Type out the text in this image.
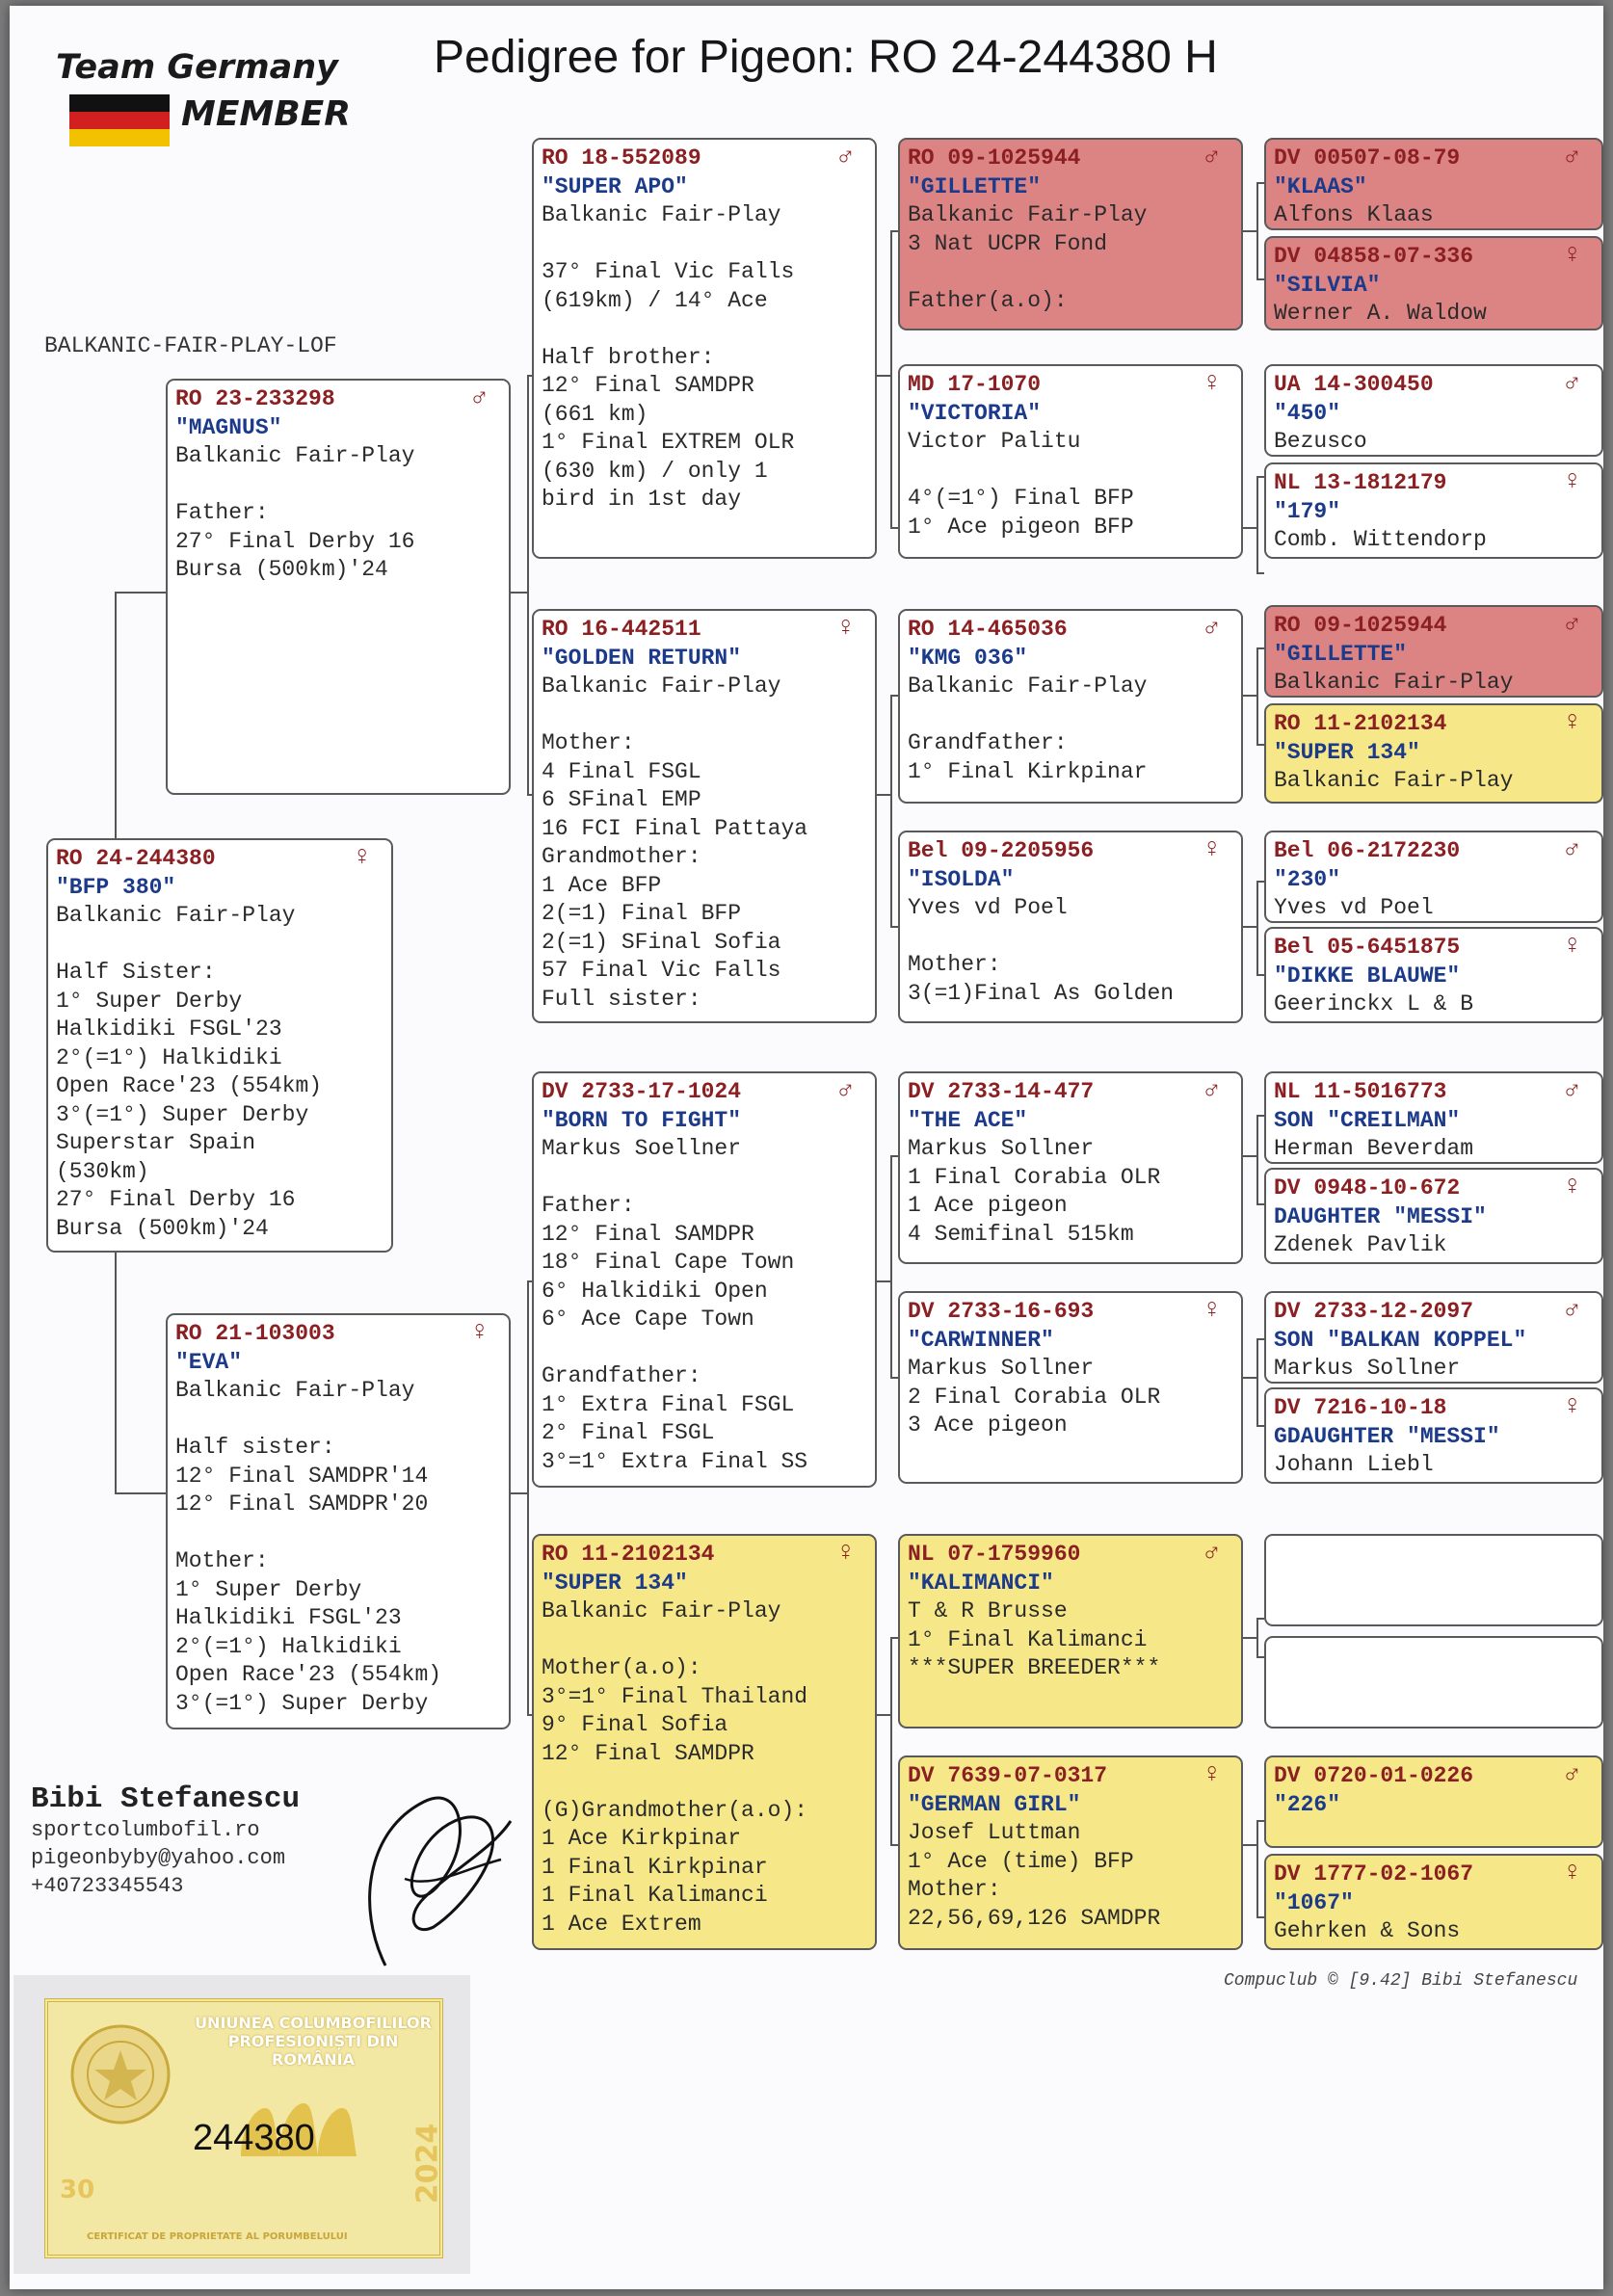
Team Germany
MEMBER
Pedigree for Pigeon: RO 24-244380 H
BALKANIC-FAIR-PLAY-LOF
RO 24-244380	♀
"BFP 380"
Balkanic Fair-Play
Half Sister:
1° Super Derby
Halkidiki FSGL'23
2°(=1°) Halkidiki
Open Race'23 (554km)
3°(=1°) Super Derby
Superstar Spain
(530km)
27° Final Derby 16
Bursa (500km)'24
RO 23-233298	♂
"MAGNUS"
Balkanic Fair-Play
Father:
27° Final Derby 16
Bursa (500km)'24
RO 21-103003	♀
"EVA"
Balkanic Fair-Play
Half sister:
12° Final SAMDPR'14
12° Final SAMDPR'20
Mother:
1° Super Derby
Halkidiki FSGL'23
2°(=1°) Halkidiki
Open Race'23 (554km)
3°(=1°) Super Derby
RO 18-552089	♂
"SUPER APO"
Balkanic Fair-Play
37° Final Vic Falls
(619km) / 14° Ace
Half brother:
12° Final SAMDPR
(661 km)
1° Final EXTREM OLR
(630 km) / only 1
bird in 1st day
RO 16-442511	♀
"GOLDEN RETURN"
Balkanic Fair-Play
Mother:
4 Final FSGL
6 SFinal EMP
16 FCI Final Pattaya
Grandmother:
1 Ace BFP
2(=1) Final BFP
2(=1) SFinal Sofia
57 Final Vic Falls
Full sister:
DV 2733-17-1024	♂
"BORN TO FIGHT"
Markus Soellner
Father:
12° Final SAMDPR
18° Final Cape Town
6° Halkidiki Open
6° Ace Cape Town
Grandfather:
1° Extra Final FSGL
2° Final FSGL
3°=1° Extra Final SS
RO 11-2102134	♀
"SUPER 134"
Balkanic Fair-Play
Mother(a.o):
3°=1° Final Thailand
9° Final Sofia
12° Final SAMDPR
(G)Grandmother(a.o):
1 Ace Kirkpinar
1 Final Kirkpinar
1 Final Kalimanci
1 Ace Extrem
RO 09-1025944	♂
"GILLETTE"
Balkanic Fair-Play
3 Nat UCPR Fond
Father(a.o):
MD 17-1070	♀
"VICTORIA"
Victor Palitu
4°(=1°) Final BFP
1° Ace pigeon BFP
RO 14-465036	♂
"KMG 036"
Balkanic Fair-Play
Grandfather:
1° Final Kirkpinar
Bel 09-2205956	♀
"ISOLDA"
Yves vd Poel
Mother:
3(=1)Final As Golden
DV 2733-14-477	♂
"THE ACE"
Markus Sollner
1 Final Corabia OLR
1 Ace pigeon
4 Semifinal 515km
DV 2733-16-693	♀
"CARWINNER"
Markus Sollner
2 Final Corabia OLR
3 Ace pigeon
NL 07-1759960	♂
"KALIMANCI"
T & R Brusse
1° Final Kalimanci
***SUPER BREEDER***
DV 7639-07-0317	♀
"GERMAN GIRL"
Josef Luttman
1° Ace (time) BFP
Mother:
22,56,69,126 SAMDPR
DV 00507-08-79	♂
"KLAAS"
Alfons Klaas
DV 04858-07-336	♀
"SILVIA"
Werner A. Waldow
UA 14-300450	♂
"450"
Bezusco
NL 13-1812179	♀
"179"
Comb. Wittendorp
RO 09-1025944	♂
"GILLETTE"
Balkanic Fair-Play
RO 11-2102134	♀
"SUPER 134"
Balkanic Fair-Play
Bel 06-2172230	♂
"230"
Yves vd Poel
Bel 05-6451875	♀
"DIKKE BLAUWE"
Geerinckx L & B
NL 11-5016773	♂
SON "CREILMAN"
Herman Beverdam
DV 0948-10-672	♀
DAUGHTER "MESSI"
Zdenek Pavlik
DV 2733-12-2097	♂
SON "BALKAN KOPPEL"
Markus Sollner
DV 7216-10-18	♀
GDAUGHTER "MESSI"
Johann Liebl
DV 0720-01-0226	♂
"226"
DV 1777-02-1067	♀
"1067"
Gehrken & Sons
Bibi Stefanescu
sportcolumbofil.ro
pigeonbyby@yahoo.com
+40723345543
Compuclub © [9.42] Bibi Stefanescu
UNIUNEA COLUMBOFILILOR PROFESIONIȘTI DIN ROMÂNIA
244380
30	2024
CERTIFICAT DE PROPRIETATE AL PORUMBELULUI
